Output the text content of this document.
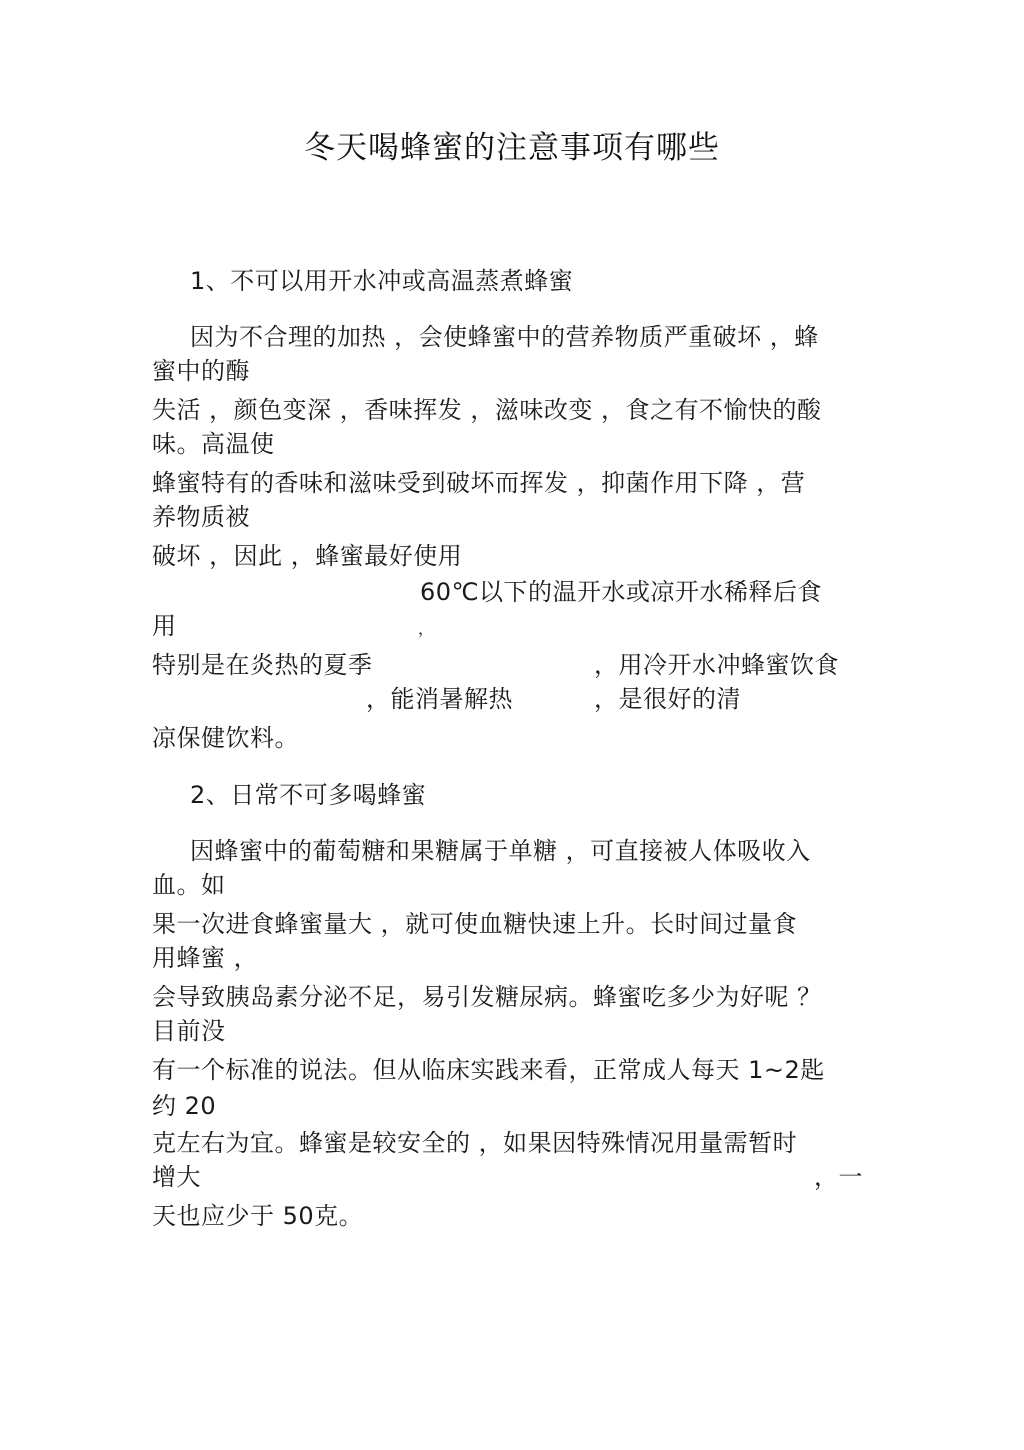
冬天喝蜂蜜的注意事项有哪些
1、不可以用开水冲或高温蒸煮蜂蜜
因为不合理的加热 ，会使蜂蜜中的营养物质严重破坏 ，蜂
蜜中的酶
失活 ，颜色变深 ，香味挥发 ，滋味改变 ，食之有不愉快的酸
味。高温使
蜂蜜特有的香味和滋味受到破坏而挥发 ，抑菌作用下降 ，营
养物质被
破坏 ，因此 ，蜂蜜最好使用
60℃以下的温开水或凉开水稀释后食
用	，
特别是在炎热的夏季	，用冷开水冲蜂蜜饮食
，能消暑解热	，是很好的清
凉保健饮料。
2、日常不可多喝蜂蜜
因蜂蜜中的葡萄糖和果糖属于单糖 ，可直接被人体吸收入
血。如
果一次进食蜂蜜量大 ，就可使血糖快速上升。长时间过量食
用蜂蜜 ，
会导致胰岛素分泌不足，易引发糖尿病。蜂蜜吃多少为好呢 ？
目前没
有一个标准的说法。但从临床实践来看，正常成人每天 1~2匙
约 20
克左右为宜。蜂蜜是较安全的 ，如果因特殊情况用量需暂时
增大	，一
天也应少于 50克。
